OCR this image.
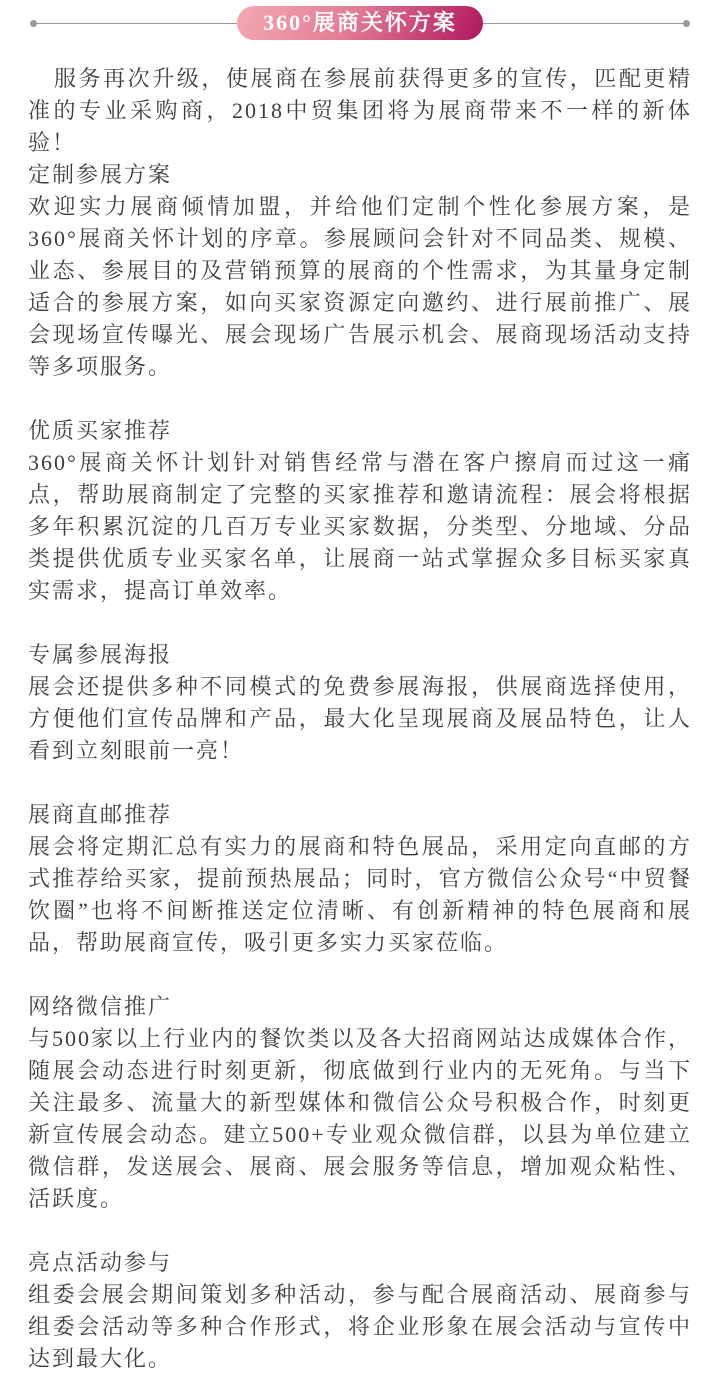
360°展商关怀方案

服务再次升级，使展商在参展前获得更多的宣传，匹配更精准的专业采购商，2018中贸集团将为展商带来不一样的新体验！

定制参展方案

欢迎实力展商倾情加盟，并给他们定制个性化参展方案，是360°展商关怀计划的序章。参展顾问会针对不同品类、规模、业态、参展目的及营销预算的展商的个性需求，为其量身定制适合的参展方案，如向买家资源定向邀约、进行展前推广、展会现场宣传曝光、展会现场广告展示机会、展商现场活动支持等多项服务。

优质买家推荐

360°展商关怀计划针对销售经常与潜在客户擦肩而过这一痛点，帮助展商制定了完整的买家推荐和邀请流程：展会将根据多年积累沉淀的几百万专业买家数据，分类型、分地域、分品类提供优质专业买家名单，让展商一站式掌握众多目标买家真实需求，提高订单效率。

专属参展海报

展会还提供多种不同模式的免费参展海报，供展商选择使用，方便他们宣传品牌和产品，最大化呈现展商及展品特色，让人看到立刻眼前一亮！

展商直邮推荐

展会将定期汇总有实力的展商和特色展品，采用定向直邮的方式推荐给买家，提前预热展品；同时，官方微信公众号“中贸餐饮圈”也将不间断推送定位清晰、有创新精神的特色展商和展品，帮助展商宣传，吸引更多实力买家莅临。

网络微信推广

与500家以上行业内的餐饮类以及各大招商网站达成媒体合作，随展会动态进行时刻更新，彻底做到行业内的无死角。与当下关注最多、流量大的新型媒体和微信公众号积极合作，时刻更新宣传展会动态。建立500+专业观众微信群，以县为单位建立微信群，发送展会、展商、展会服务等信息，增加观众粘性、活跃度。

亮点活动参与

组委会展会期间策划多种活动，参与配合展商活动、展商参与组委会活动等多种合作形式，将企业形象在展会活动与宣传中达到最大化。
